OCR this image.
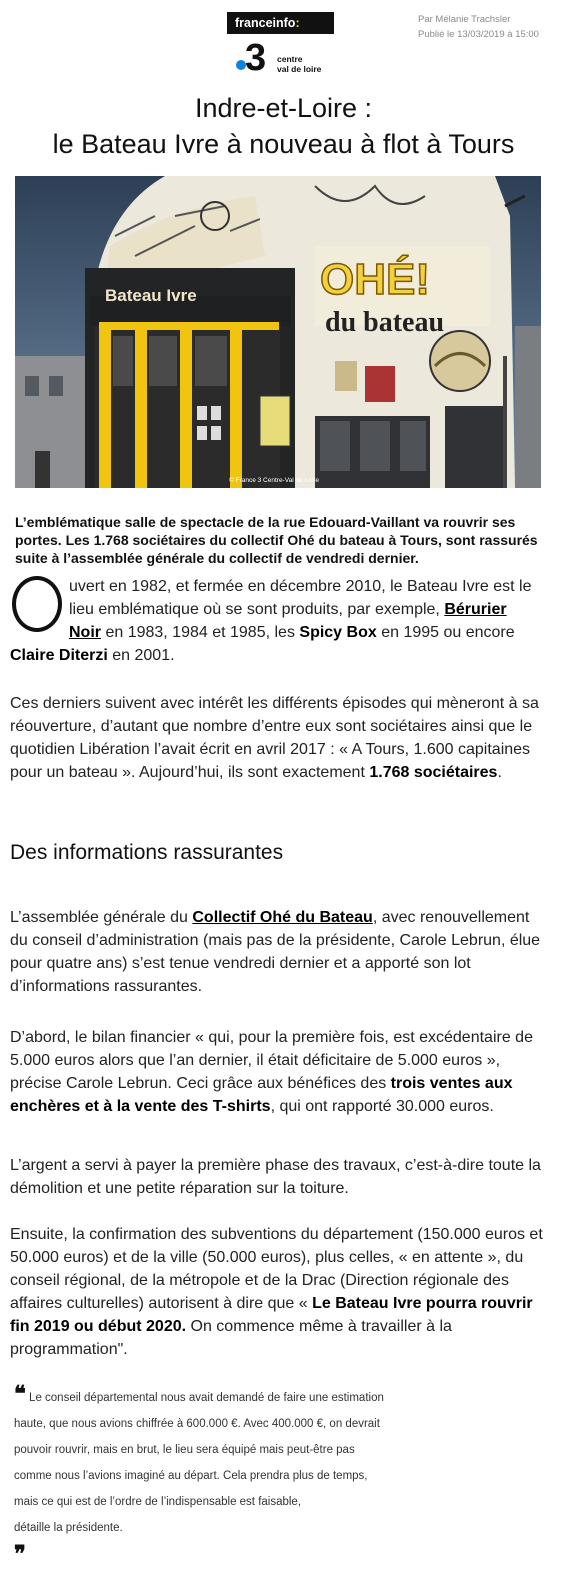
franceinfo:	Par Mélanie Trachsler
Publié le 13/03/2019 à 15:00
3 centre
val de loire
Indre-et-Loire :
le Bateau Ivre à nouveau à flot à Tours
Bateau Ivre	OHÉ!
du bateau
© France 3 Centre-Val de Loire

L’emblématique salle de spectacle de la rue Edouard-Vaillant va rouvrir ses portes. Les 1.768 sociétaires du collectif Ohé du bateau à Tours, sont rassurés suite à l’assemblée générale du collectif de vendredi dernier.

uvert en 1982, et fermée en décembre 2010, le Bateau Ivre est le lieu emblématique où se sont produits, par exemple, Bérurier Noir en 1983, 1984 et 1985, les Spicy Box en 1995 ou encore

Claire Diterzi en 2001.

Ces derniers suivent avec intérêt les différents épisodes qui mèneront à sa réouverture, d’autant que nombre d’entre eux sont sociétaires ainsi que le quotidien Libération l’avait écrit en avril 2017 : « A Tours, 1.600 capitaines pour un bateau ». Aujourd’hui, ils sont exactement 1.768 sociétaires.

Des informations rassurantes

L’assemblée générale du Collectif Ohé du Bateau, avec renouvellement du conseil d’administration (mais pas de la présidente, Carole Lebrun, élue pour quatre ans) s’est tenue vendredi dernier et a apporté son lot d’informations rassurantes.

D’abord, le bilan financier « qui, pour la première fois, est excédentaire de 5.000 euros alors que l’an dernier, il était déficitaire de 5.000 euros », précise Carole Lebrun. Ceci grâce aux bénéfices des trois ventes aux enchères et à la vente des T-shirts, qui ont rapporté 30.000 euros.

L’argent a servi à payer la première phase des travaux, c’est-à-dire toute la démolition et une petite réparation sur la toiture.

Ensuite, la confirmation des subventions du département (150.000 euros et 50.000 euros) et de la ville (50.000 euros), plus celles, « en attente », du conseil régional, de la métropole et de la Drac (Direction régionale des affaires culturelles) autorisent à dire que « Le Bateau Ivre pourra rouvrir fin 2019 ou début 2020. On commence même à travailler à la programmation".

❝ Le conseil départemental nous avait demandé de faire une estimation
haute, que nous avions chiffrée à 600.000 €. Avec 400.000 €, on devrait
pouvoir rouvrir, mais en brut, le lieu sera équipé mais peut-être pas
comme nous l’avions imaginé au départ. Cela prendra plus de temps,
mais ce qui est de l’ordre de l’indispensable est faisable,
détaille la présidente.
❞
